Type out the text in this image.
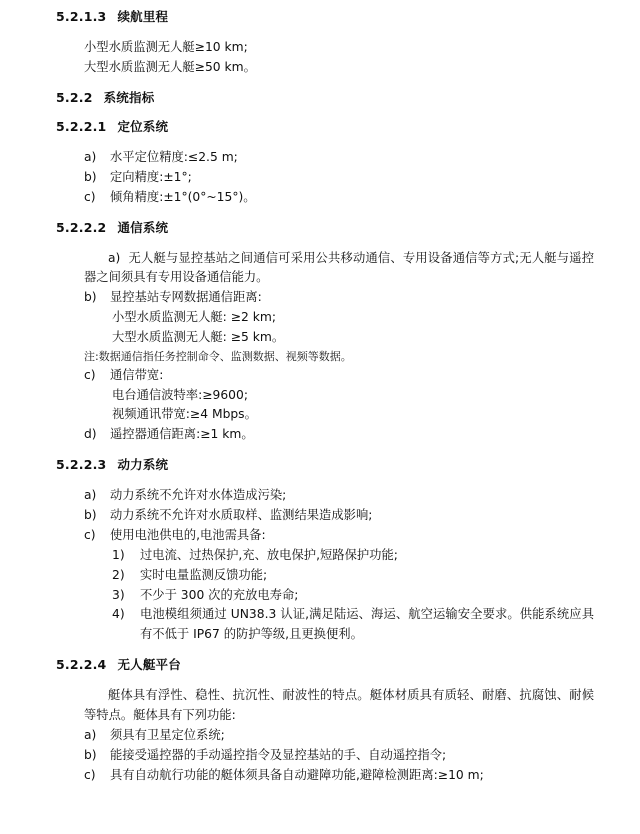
5.2.1.3 续航里程
小型水质监测无人艇≥10 km;
大型水质监测无人艇≥50 km。
5.2.2 系统指标
5.2.2.1 定位系统
a)	水平定位精度:≤2.5 m;
b)	定向精度:±1°;
c)	倾角精度:±1°(0°~15°)。
5.2.2.2 通信系统
a) 无人艇与显控基站之间通信可采用公共移动通信、专用设备通信等方式;无人艇与遥控器之间须具有专用设备通信能力。
b)	显控基站专网数据通信距离:
小型水质监测无人艇: ≥2 km;
大型水质监测无人艇: ≥5 km。
注:数据通信指任务控制命令、监测数据、视频等数据。
c)	通信带宽:
电台通信波特率:≥9600;
视频通讯带宽:≥4 Mbps。
d)	遥控器通信距离:≥1 km。
5.2.2.3 动力系统
a)	动力系统不允许对水体造成污染;
b)	动力系统不允许对水质取样、监测结果造成影响;
c)	使用电池供电的,电池需具备:
1)	过电流、过热保护,充、放电保护,短路保护功能;
2)	实时电量监测反馈功能;
3)	不少于 300 次的充放电寿命;
4)	电池模组须通过 UN38.3 认证,满足陆运、海运、航空运输安全要求。供能系统应具有不低于 IP67 的防护等级,且更换便利。
5.2.2.4 无人艇平台
艇体具有浮性、稳性、抗沉性、耐波性的特点。艇体材质具有质轻、耐磨、抗腐蚀、耐候等特点。艇体具有下列功能:
a)	须具有卫星定位系统;
b)	能接受遥控器的手动遥控指令及显控基站的手、自动遥控指令;
c)	具有自动航行功能的艇体须具备自动避障功能,避障检测距离:≥10 m;
